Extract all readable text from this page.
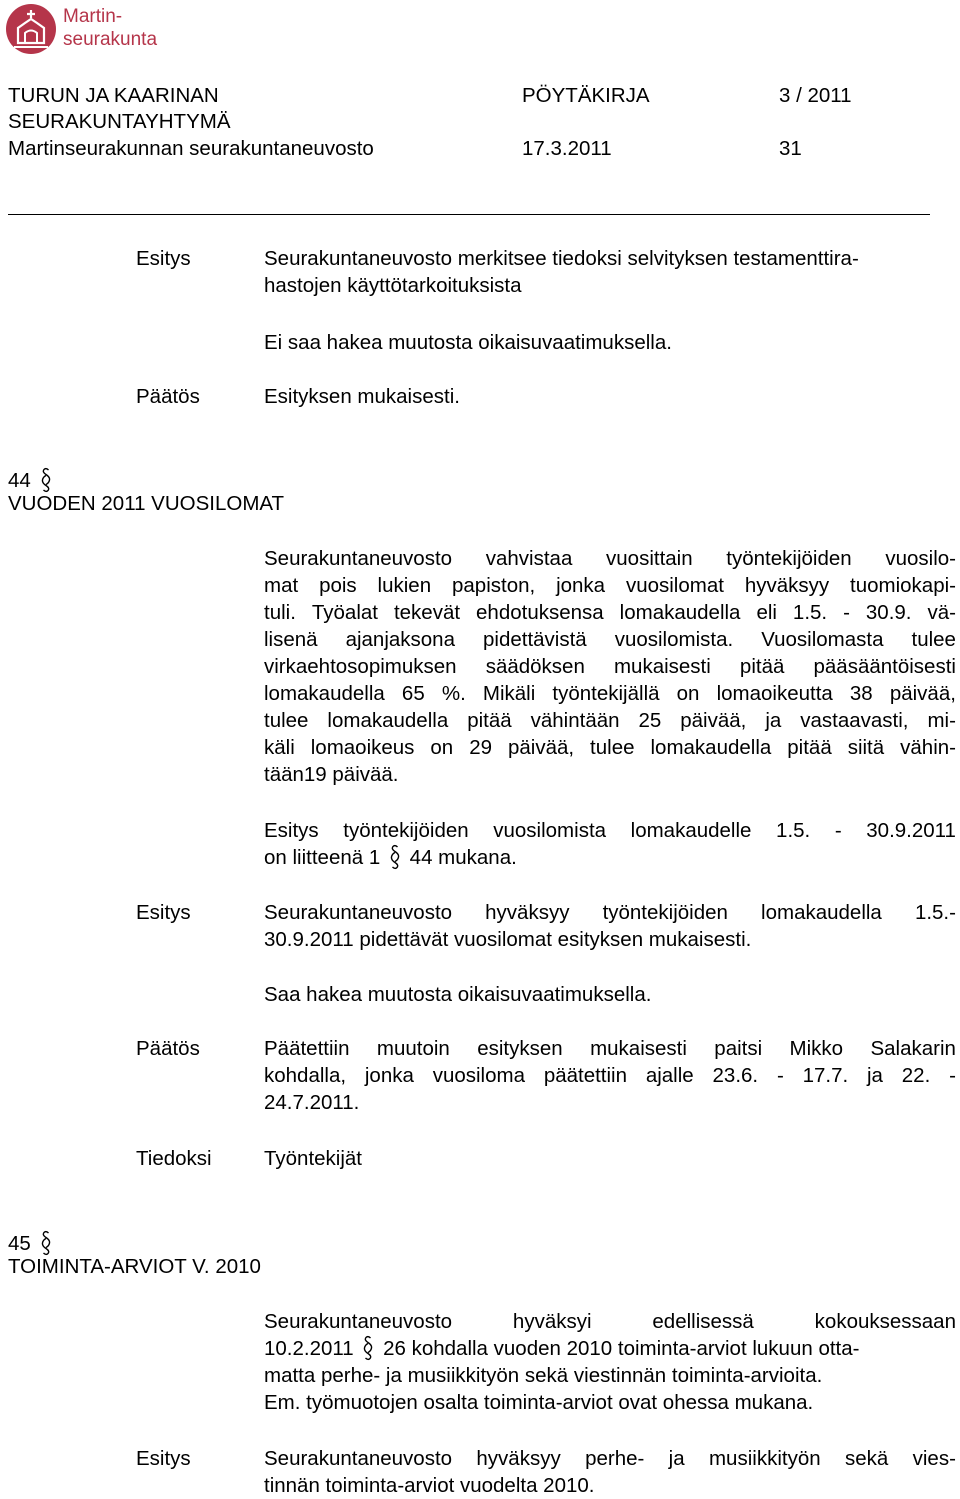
Martin-
seurakunta
TURUN JA KAARINAN
SEURAKUNTAYHTYMÄ
Martinseurakunnan seurakuntaneuvosto
PÖYTÄKIRJA
17.3.2011
3 / 2011
31
Esitys	Seurakuntaneuvosto merkitsee tiedoksi selvityksen testamenttira-
hastojen käyttötarkoituksista
Ei saa hakea muutosta oikaisuvaatimuksella.
Päätös	Esityksen mukaisesti.
44
VUODEN 2011 VUOSILOMAT
Seurakuntaneuvosto vahvistaa vuosittain työntekijöiden vuosilo-
mat pois lukien papiston, jonka vuosilomat hyväksyy tuomiokapi-
tuli. Työalat tekevät ehdotuksensa lomakaudella eli 1.5. - 30.9. vä-
lisenä ajanjaksona pidettävistä vuosilomista. Vuosilomasta tulee
virkaehtosopimuksen säädöksen mukaisesti pitää pääsääntöisesti
lomakaudella 65 %. Mikäli työntekijällä on lomaoikeutta 38 päivää,
tulee lomakaudella pitää vähintään 25 päivää, ja vastaavasti, mi-
käli lomaoikeus on 29 päivää, tulee lomakaudella pitää siitä vähin-
tään19 päivää.
Esitys työntekijöiden vuosilomista lomakaudelle 1.5. - 30.9.2011
on liitteenä 1 44 mukana.
Esitys	Seurakuntaneuvosto hyväksyy työntekijöiden lomakaudella 1.5.-
30.9.2011 pidettävät vuosilomat esityksen mukaisesti.
Saa hakea muutosta oikaisuvaatimuksella.
Päätös	Päätettiin muutoin esityksen mukaisesti paitsi Mikko Salakarin
kohdalla, jonka vuosiloma päätettiin ajalle 23.6. - 17.7. ja 22. -
24.7.2011.
Tiedoksi	Työntekijät
45
TOIMINTA-ARVIOT V. 2010
Seurakuntaneuvosto	hyväksyi	edellisessä	kokouksessaan
10.2.2011 26 kohdalla vuoden 2010 toiminta-arviot lukuun otta-
matta perhe- ja musiikkityön sekä viestinnän toiminta-arvioita.
Em. työmuotojen osalta toiminta-arviot ovat ohessa mukana.
Esitys	Seurakuntaneuvosto hyväksyy perhe- ja musiikkityön sekä vies-
tinnän toiminta-arviot vuodelta 2010.
